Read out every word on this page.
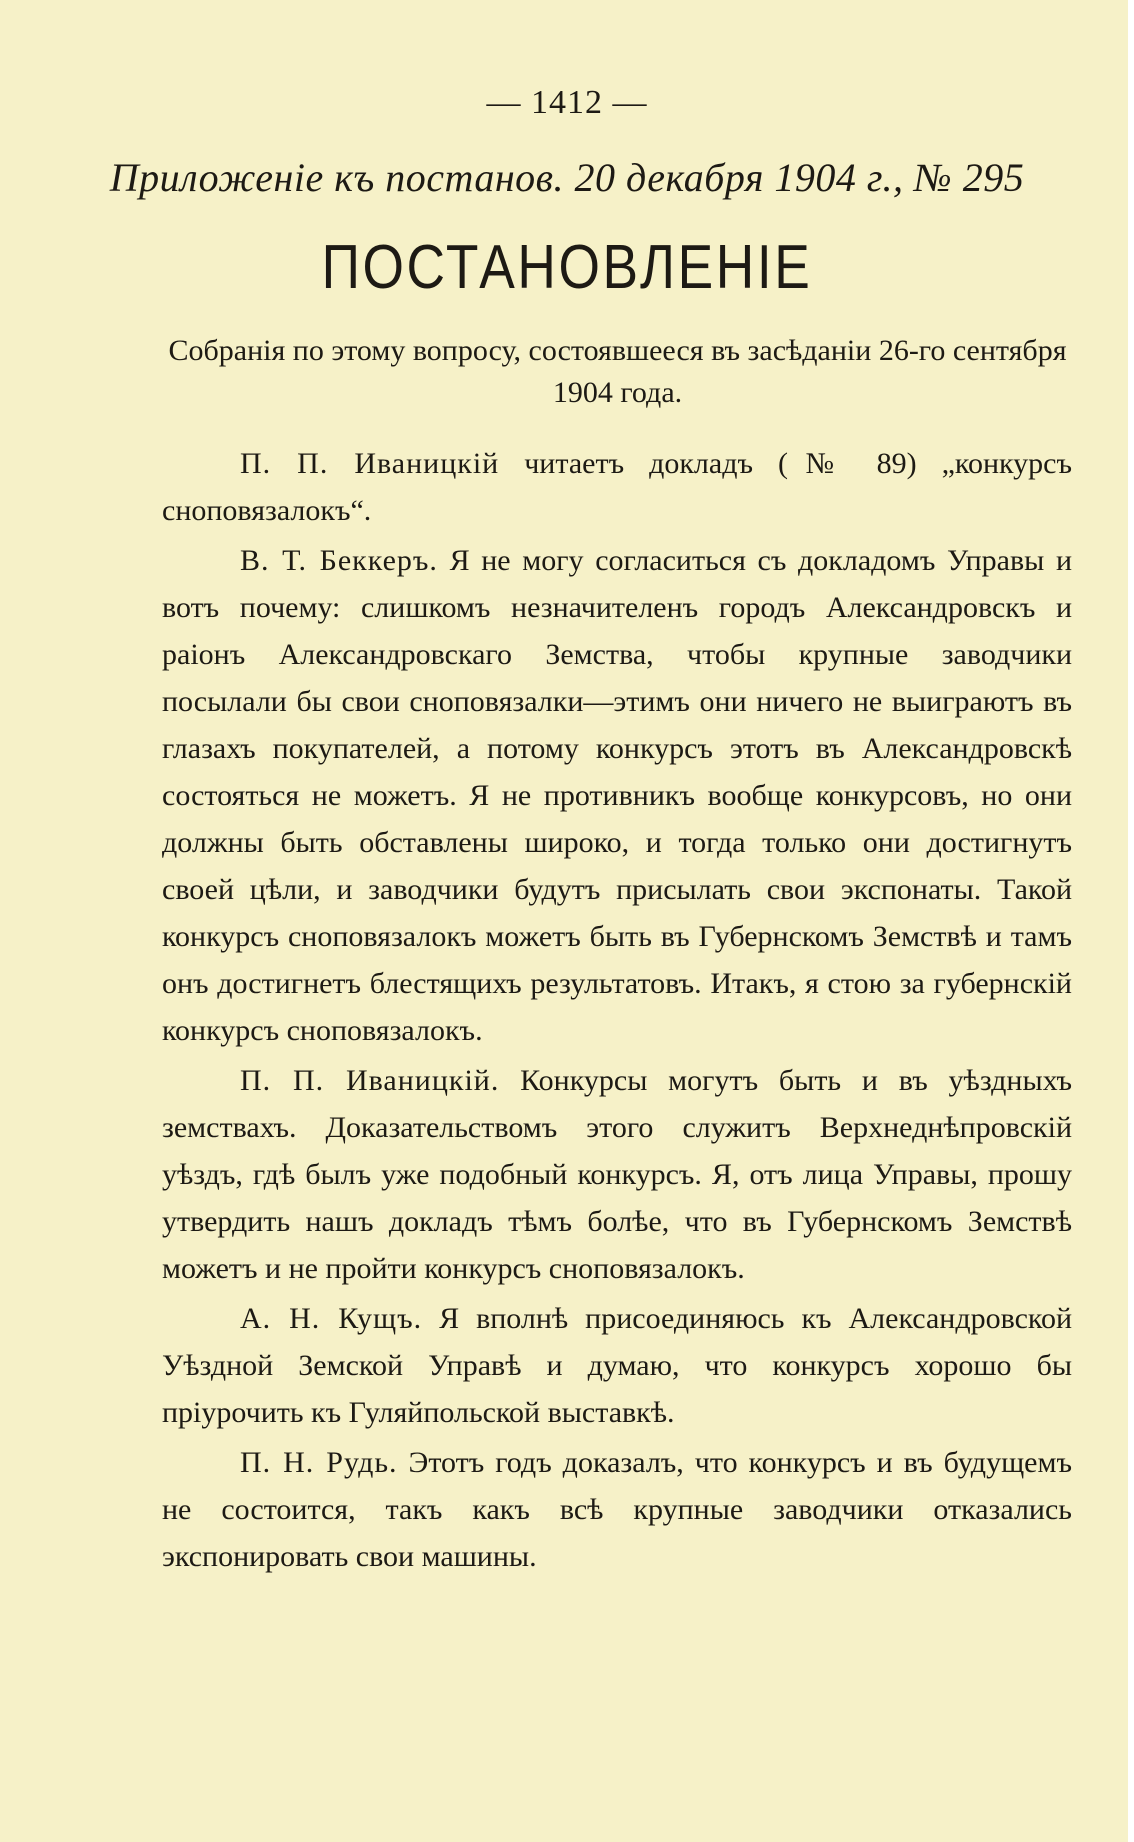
— 1412 —
Приложеніе къ постанов. 20 декабря 1904 г., № 295
ПОСТАНОВЛЕНІЕ
Собранія по этому вопросу, состоявшееся въ засѣданіи 26-го сентября 1904 года.

П. П. Иваницкій читаетъ докладъ (№ 89) „конкурсъ сноповязалокъ“.

В. Т. Беккеръ. Я не могу согласиться съ докладомъ Управы и вотъ почему: слишкомъ незначителенъ городъ Александровскъ и раіонъ Александровскаго Земства, чтобы крупные заводчики посылали бы свои сноповязалки—этимъ они ничего не выиграютъ въ глазахъ покупателей, а потому конкурсъ этотъ въ Александровскѣ состояться не можетъ. Я не противникъ вообще конкурсовъ, но они должны быть обставлены широко, и тогда только они достигнутъ своей цѣли, и заводчики будутъ присылать свои экспонаты. Такой конкурсъ сноповязалокъ можетъ быть въ Губернскомъ Земствѣ и тамъ онъ достигнетъ блестящихъ результатовъ. Итакъ, я стою за губернскій конкурсъ сноповязалокъ.

П. П. Иваницкій. Конкурсы могутъ быть и въ уѣздныхъ земствахъ. Доказательствомъ этого служитъ Верхнеднѣпровскій уѣздъ, гдѣ былъ уже подобный конкурсъ. Я, отъ лица Управы, прошу утвердить нашъ докладъ тѣмъ болѣе, что въ Губернскомъ Земствѣ можетъ и не пройти конкурсъ сноповязалокъ.

А. Н. Кущъ. Я вполнѣ присоединяюсь къ Александровской Уѣздной Земской Управѣ и думаю, что конкурсъ хорошо бы пріурочить къ Гуляйпольской выставкѣ.

П. Н. Рудь. Этотъ годъ доказалъ, что конкурсъ и въ будущемъ не состоится, такъ какъ всѣ крупные заводчики отказались экспонировать свои машины.
